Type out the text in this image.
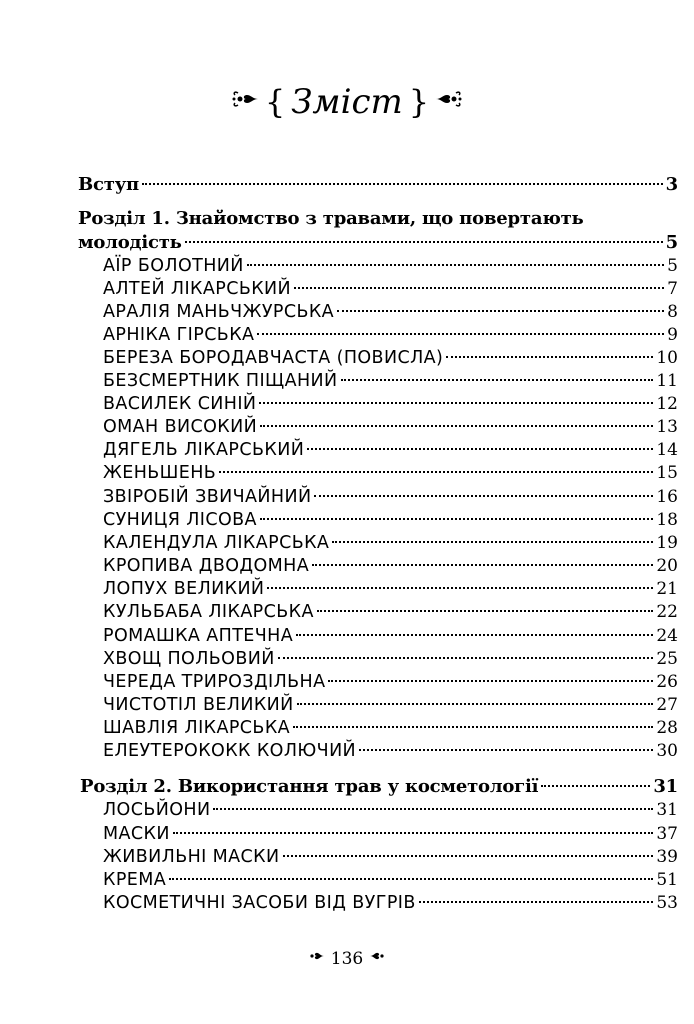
{ Зміст }
Вступ	3
Розділ 1. Знайомство з травами, що повертають
молодість	5
АЇР БОЛОТНИЙ	5
АЛТЕЙ ЛІКАРСЬКИЙ	7
АРАЛІЯ МАНЬЧЖУРСЬКА	8
АРНІКА ГІРСЬКА	9
БЕРЕЗА БОРОДАВЧАСТА (ПОВИСЛА)	10
БЕЗСМЕРТНИК ПІЩАНИЙ	11
ВАСИЛЕК СИНІЙ	12
ОМАН ВИСОКИЙ	13
ДЯГЕЛЬ ЛІКАРСЬКИЙ	14
ЖЕНЬШЕНЬ	15
ЗВІРОБІЙ ЗВИЧАЙНИЙ	16
СУНИЦЯ ЛІСОВА	18
КАЛЕНДУЛА ЛІКАРСЬКА	19
КРОПИВА ДВОДОМНА	20
ЛОПУХ ВЕЛИКИЙ	21
КУЛЬБАБА ЛІКАРСЬКА	22
РОМАШКА АПТЕЧНА	24
ХВОЩ ПОЛЬОВИЙ	25
ЧЕРЕДА ТРИРОЗДІЛЬНА	26
ЧИСТОТІЛ ВЕЛИКИЙ	27
ШАВЛІЯ ЛІКАРСЬКА	28
ЕЛЕУТЕРОКОКК КОЛЮЧИЙ	30
Розділ 2. Використання трав у косметології	31
ЛОСЬЙОНИ	31
МАСКИ	37
ЖИВИЛЬНІ МАСКИ	39
КРЕМА	51
КОСМЕТИЧНІ ЗАСОБИ ВІД ВУГРІВ	53
136
